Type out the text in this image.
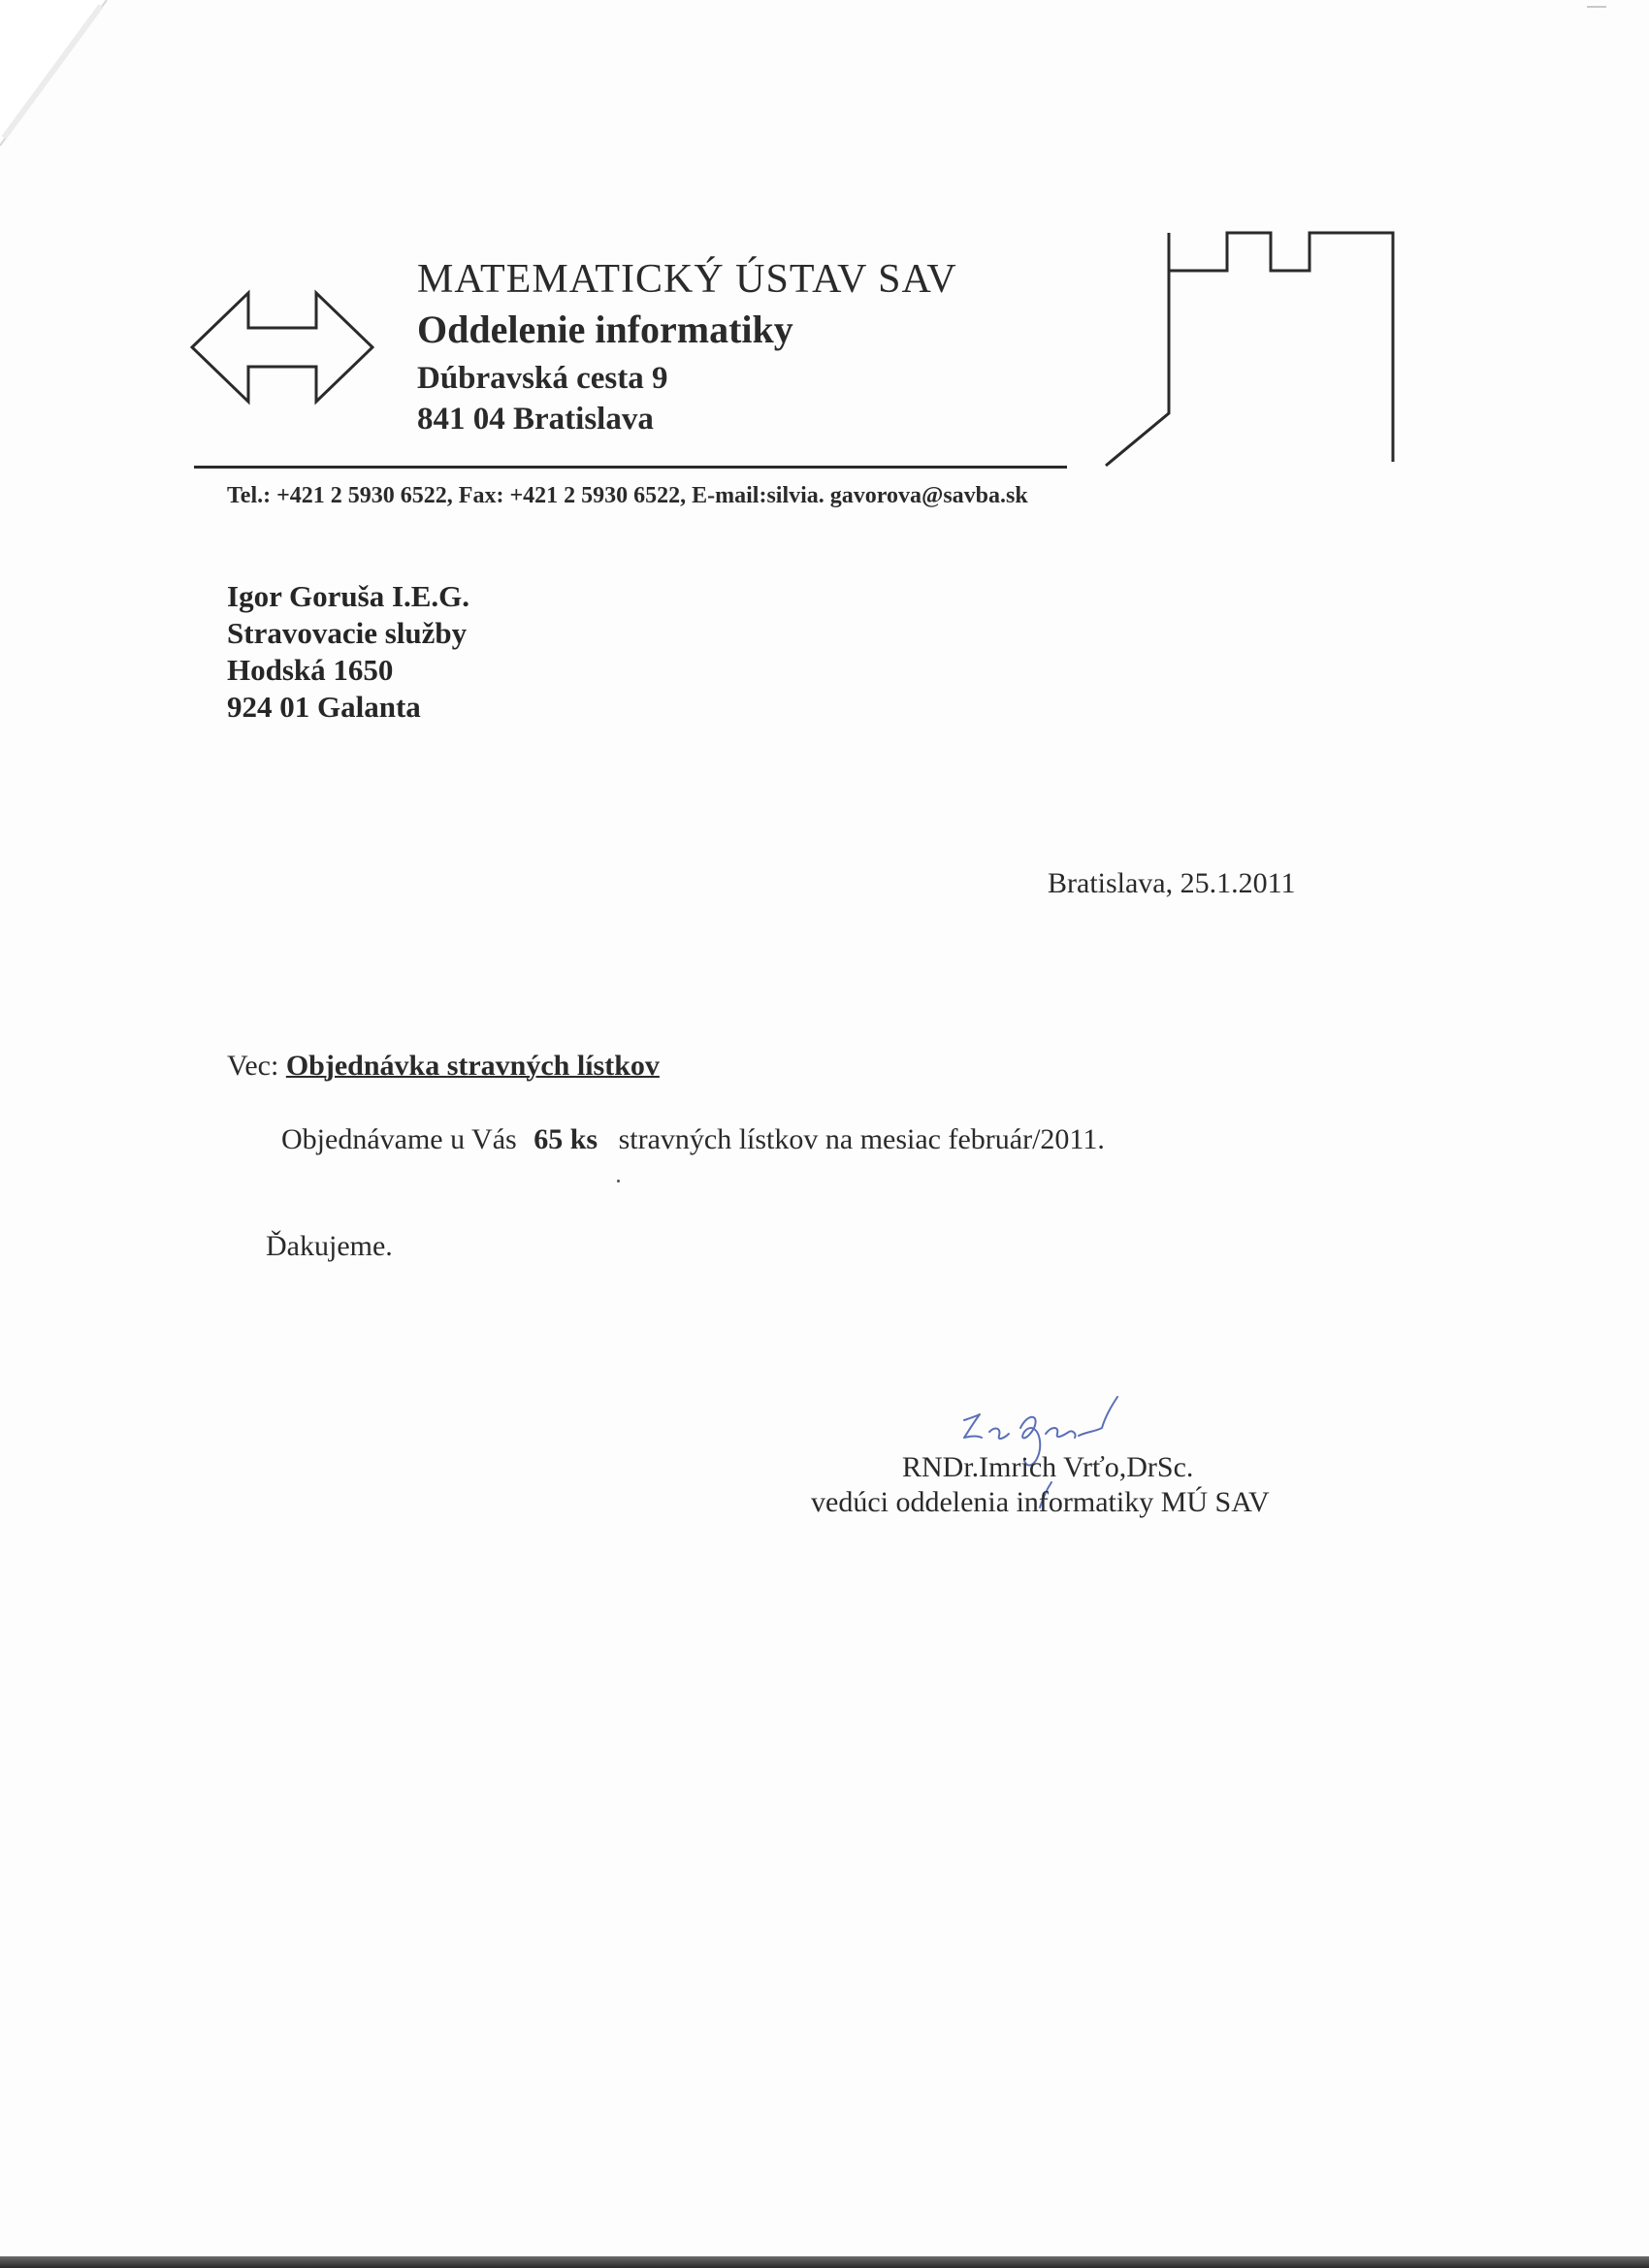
MATEMATICKÝ ÚSTAV SAV
Oddelenie informatiky
Dúbravská cesta 9
841 04 Bratislava
Tel.: +421 2 5930 6522, Fax: +421 2 5930 6522, E-mail:silvia. gavorova@savba.sk
Igor Goruša I.E.G.
Stravovacie služby
Hodská 1650
924 01 Galanta
Bratislava, 25.1.2011
Vec: Objednávka stravných lístkov
Objednávame u Vás 65 ks stravných lístkov na mesiac február/2011.
Ďakujeme.
RNDr.Imrich Vrťo,DrSc.
vedúci oddelenia informatiky MÚ SAV
